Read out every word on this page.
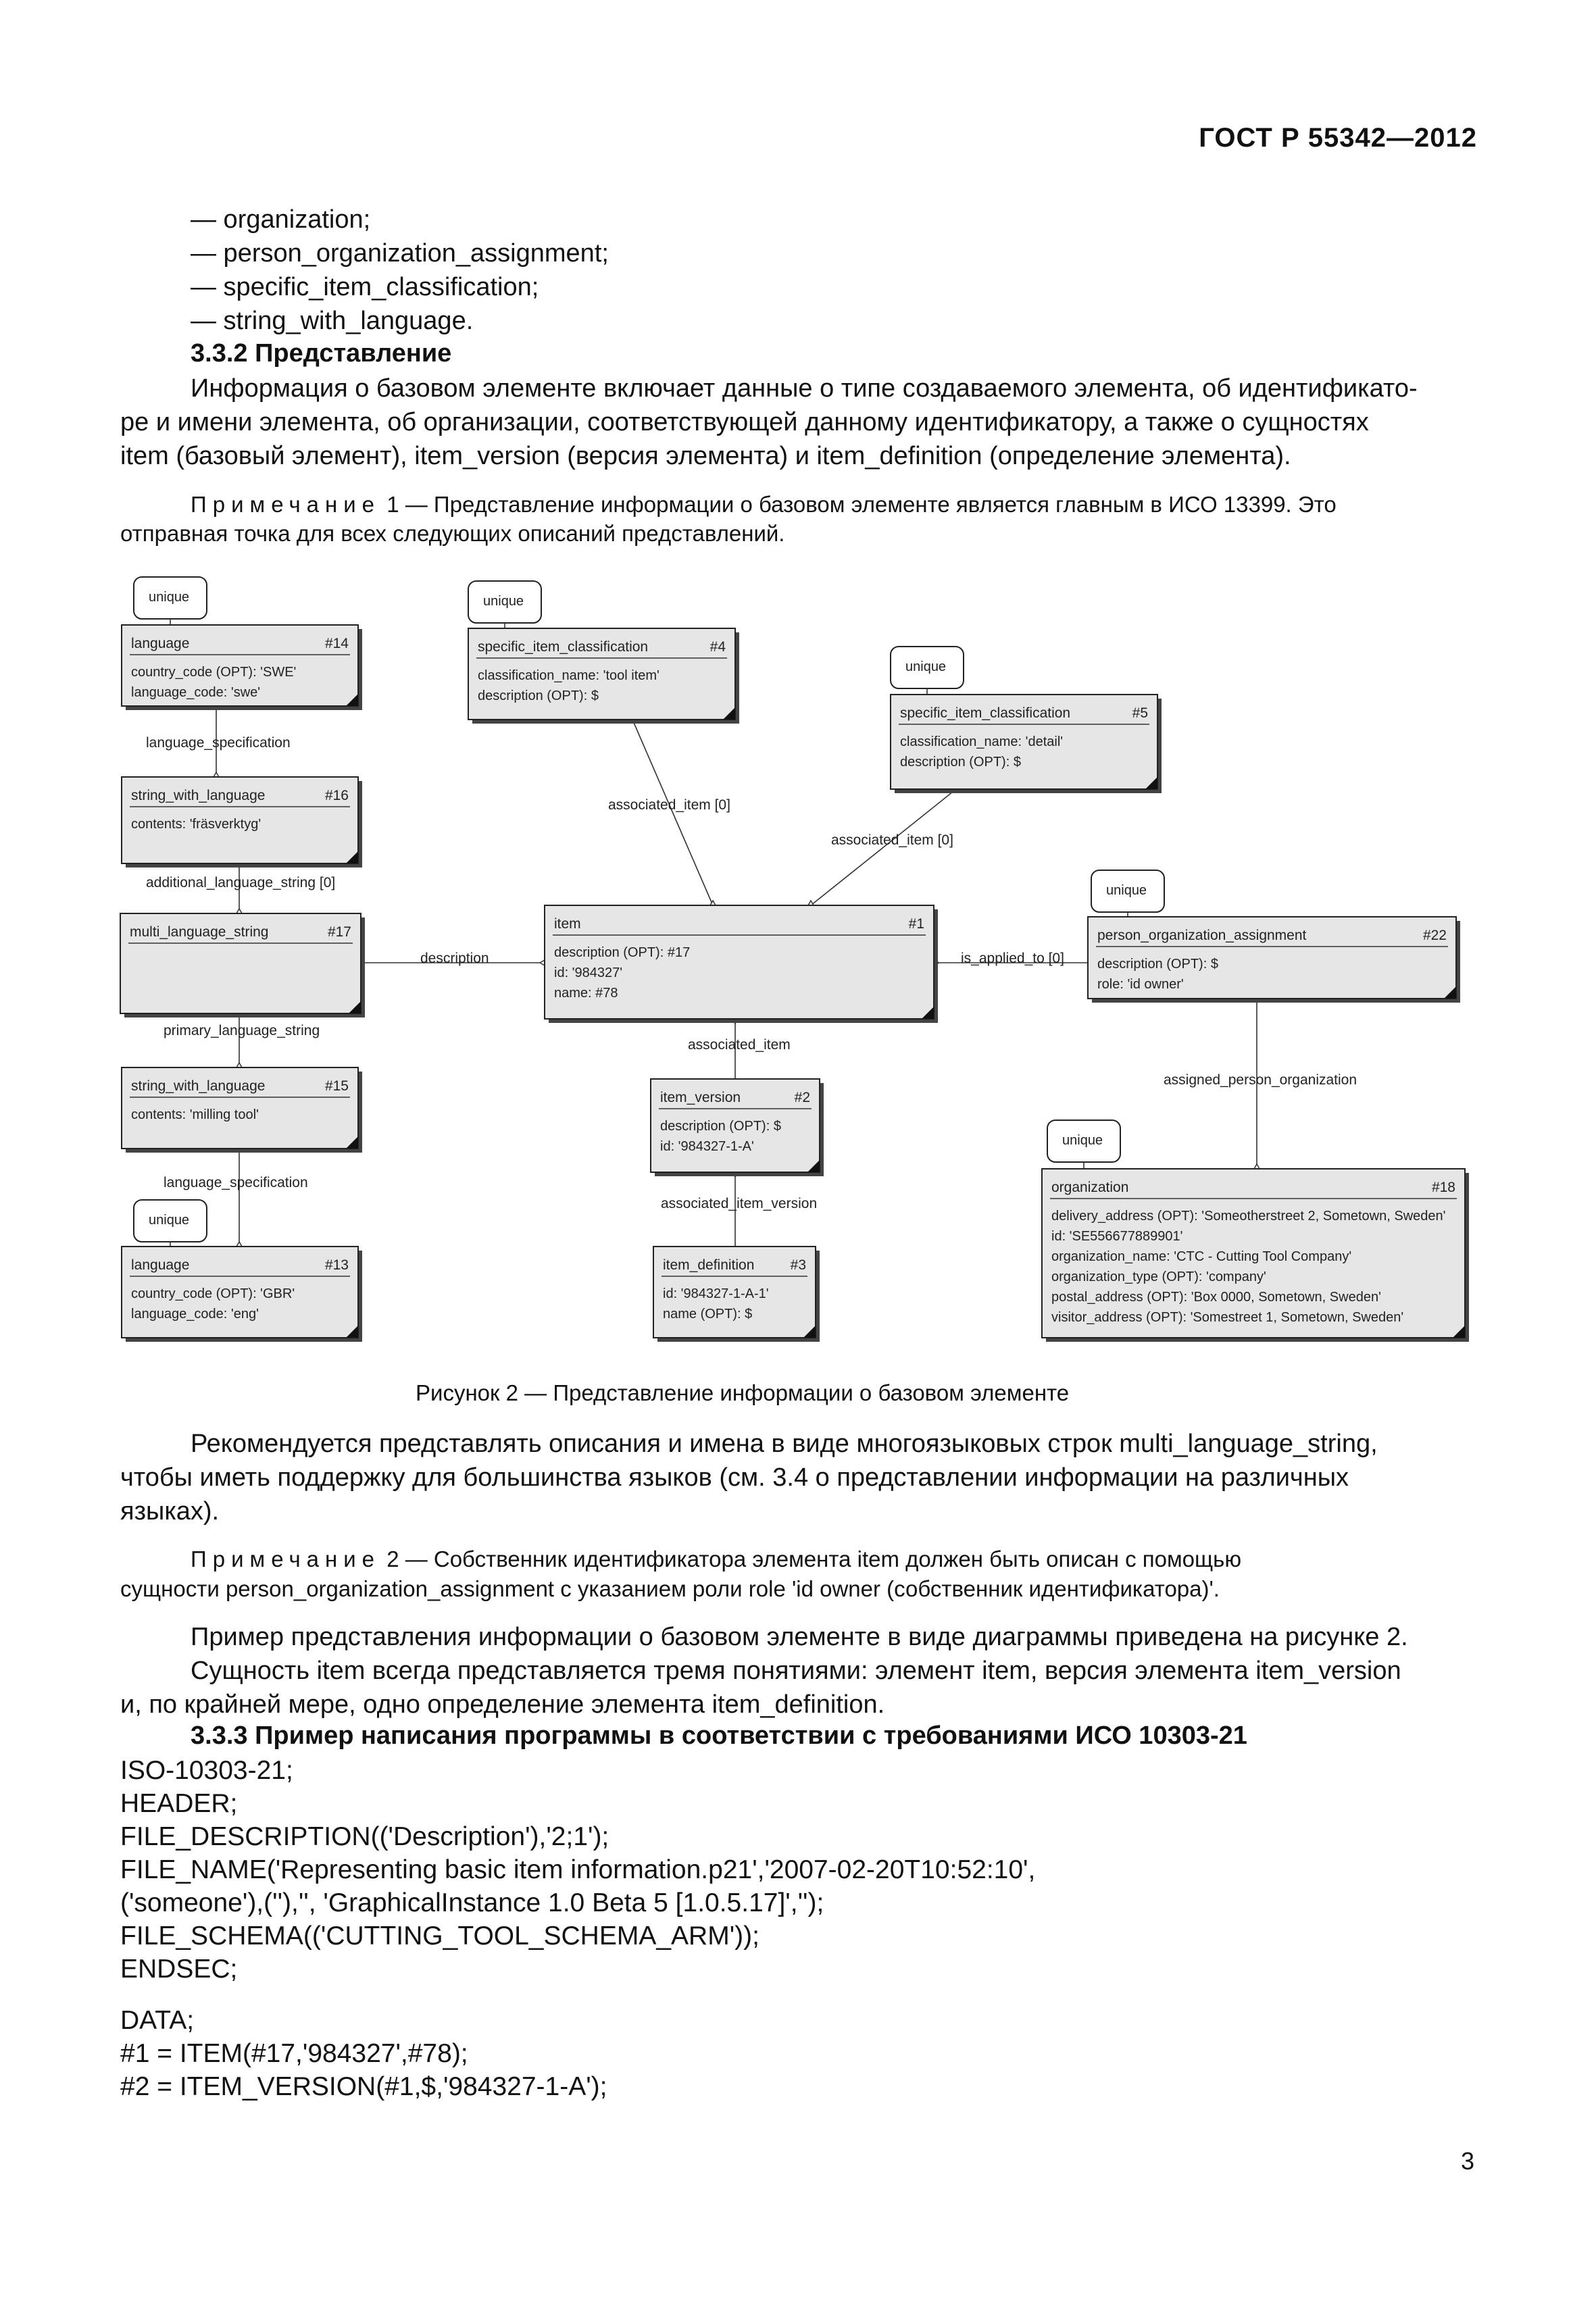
ГОСТ Р 55342—2012
— organization;
— person_organization_assignment;
— specific_item_classification;
— string_with_language.
3.3.2 Представление
Информация о базовом элементе включает данные о типе создаваемого элемента, об идентификато-
ре и имени элемента, об организации, соответствующей данному идентификатору, а также о сущностях
item (базовый элемент), item_version (версия элемента) и item_definition (определение элемента).
Примечание 1 — Представление информации о базовом элементе является главным в ИСО 13399. Это
отправная точка для всех следующих описаний представлений.
language_specification
additional_language_string [0]
primary_language_string
language_specification
description
associated_item [0]
associated_item [0]
is_applied_to [0]
associated_item
associated_item_version
assigned_person_organization
unique	unique
unique
unique
unique
unique
language	#14
country_code (OPT): 'SWE'
language_code: 'swe'
string_with_language	#16
contents: 'fräsverktyg'
multi_language_string	#17
string_with_language	#15
contents: 'milling tool'
language	#13
country_code (OPT): 'GBR'
language_code: 'eng'
specific_item_classification	#4
classification_name: 'tool item'
description (OPT): $
specific_item_classification	#5
classification_name: 'detail'
description (OPT): $
item	#1
description (OPT): #17
id: '984327'
name: #78
item_version	#2
description (OPT): $
id: '984327-1-A'
item_definition	#3
id: '984327-1-A-1'
name (OPT): $
person_organization_assignment	#22
description (OPT): $
role: 'id owner'
organization	#18
delivery_address (OPT): 'Someotherstreet 2, Sometown, Sweden'
id: 'SE556677889901'
organization_name: 'CTC - Cutting Tool Company'
organization_type (OPT): 'company'
postal_address (OPT): 'Box 0000, Sometown, Sweden'
visitor_address (OPT): 'Somestreet 1, Sometown, Sweden'
Рисунок 2 — Представление информации о базовом элементе
Рекомендуется представлять описания и имена в виде многоязыковых строк multi_language_string,
чтобы иметь поддержку для большинства языков (см. 3.4 о представлении информации на различных
языках).
Примечание 2 — Собственник идентификатора элемента item должен быть описан с помощью
сущности person_organization_assignment с указанием роли role 'id owner (собственник идентификатора)'.
Пример представления информации о базовом элементе в виде диаграммы приведена на рисунке 2.
Сущность item всегда представляется тремя понятиями: элемент item, версия элемента item_version
и, по крайней мере, одно определение элемента item_definition.
3.3.3 Пример написания программы в соответствии с требованиями ИСО 10303-21
ISO-10303-21;
HEADER;
FILE_DESCRIPTION(('Description'),'2;1');
FILE_NAME('Representing basic item information.p21','2007-02-20T10:52:10',
('someone'),(''),'', 'GraphicalInstance 1.0 Beta 5 [1.0.5.17]','');
FILE_SCHEMA(('CUTTING_TOOL_SCHEMA_ARM'));
ENDSEC;
DATA;
#1 = ITEM(#17,'984327',#78);
#2 = ITEM_VERSION(#1,$,'984327-1-A');
3
